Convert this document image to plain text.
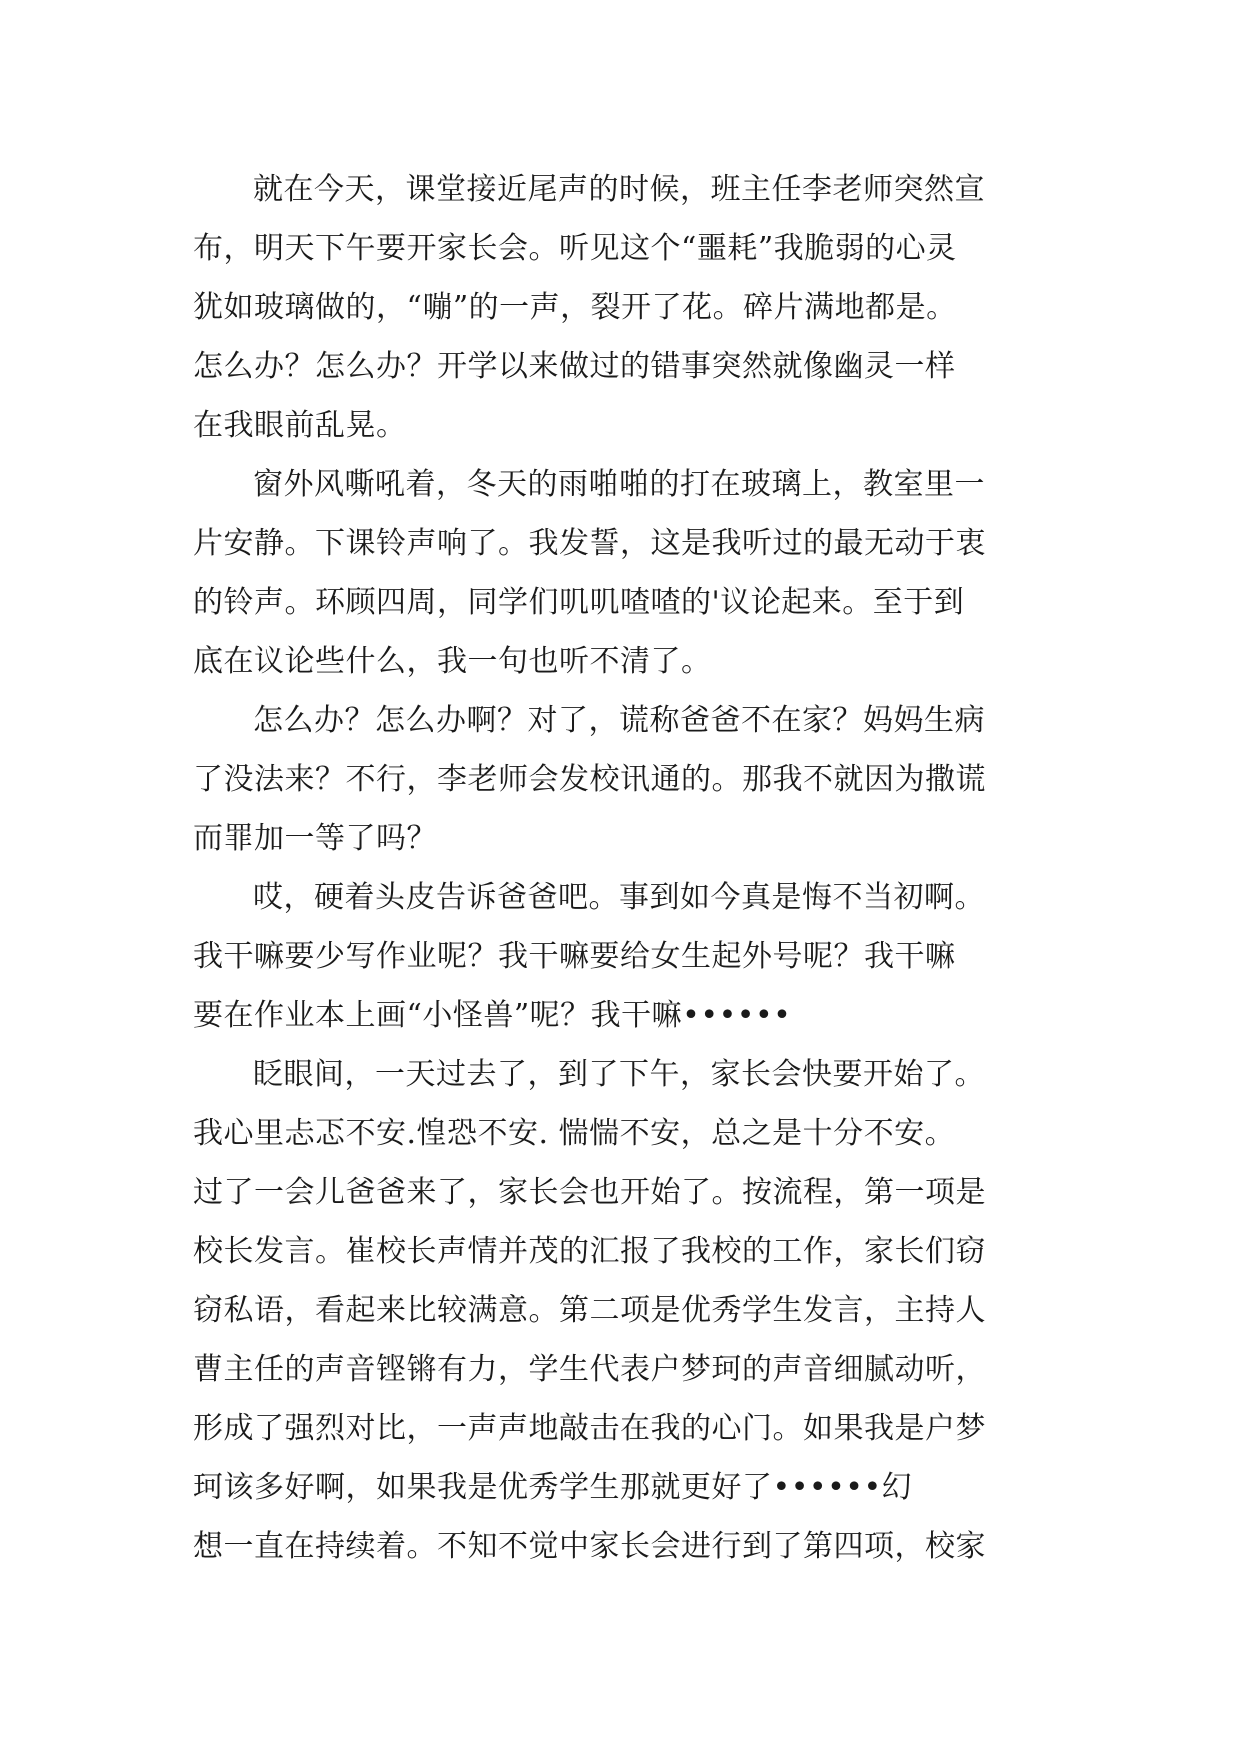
就在今天，课堂接近尾声的时候，班主任李老师突然宣
布，明天下午要开家长会。听见这个“噩耗”我脆弱的心灵
犹如玻璃做的，“嘣”的一声，裂开了花。碎片满地都是。
怎么办？怎么办？开学以来做过的错事突然就像幽灵一样
在我眼前乱晃。
窗外风嘶吼着，冬天的雨啪啪的打在玻璃上，教室里一
片安静。下课铃声响了。我发誓，这是我听过的最无动于衷
的铃声。环顾四周，同学们叽叽喳喳的'议论起来。至于到
底在议论些什么，我一句也听不清了。
怎么办？怎么办啊？对了，谎称爸爸不在家？妈妈生病
了没法来？不行，李老师会发校讯通的。那我不就因为撒谎
而罪加一等了吗？
哎，硬着头皮告诉爸爸吧。事到如今真是悔不当初啊。
我干嘛要少写作业呢？我干嘛要给女生起外号呢？我干嘛
要在作业本上画“小怪兽”呢？我干嘛••••••
眨眼间，一天过去了，到了下午，家长会快要开始了。
我心里忐忑不安.惶恐不安. 惴惴不安，总之是十分不安。
过了一会儿爸爸来了，家长会也开始了。按流程，第一项是
校长发言。崔校长声情并茂的汇报了我校的工作，家长们窃
窃私语，看起来比较满意。第二项是优秀学生发言，主持人
曹主任的声音铿锵有力，学生代表户梦珂的声音细腻动听，
形成了强烈对比，一声声地敲击在我的心门。如果我是户梦
珂该多好啊，如果我是优秀学生那就更好了••••••幻
想一直在持续着。不知不觉中家长会进行到了第四项，校家
